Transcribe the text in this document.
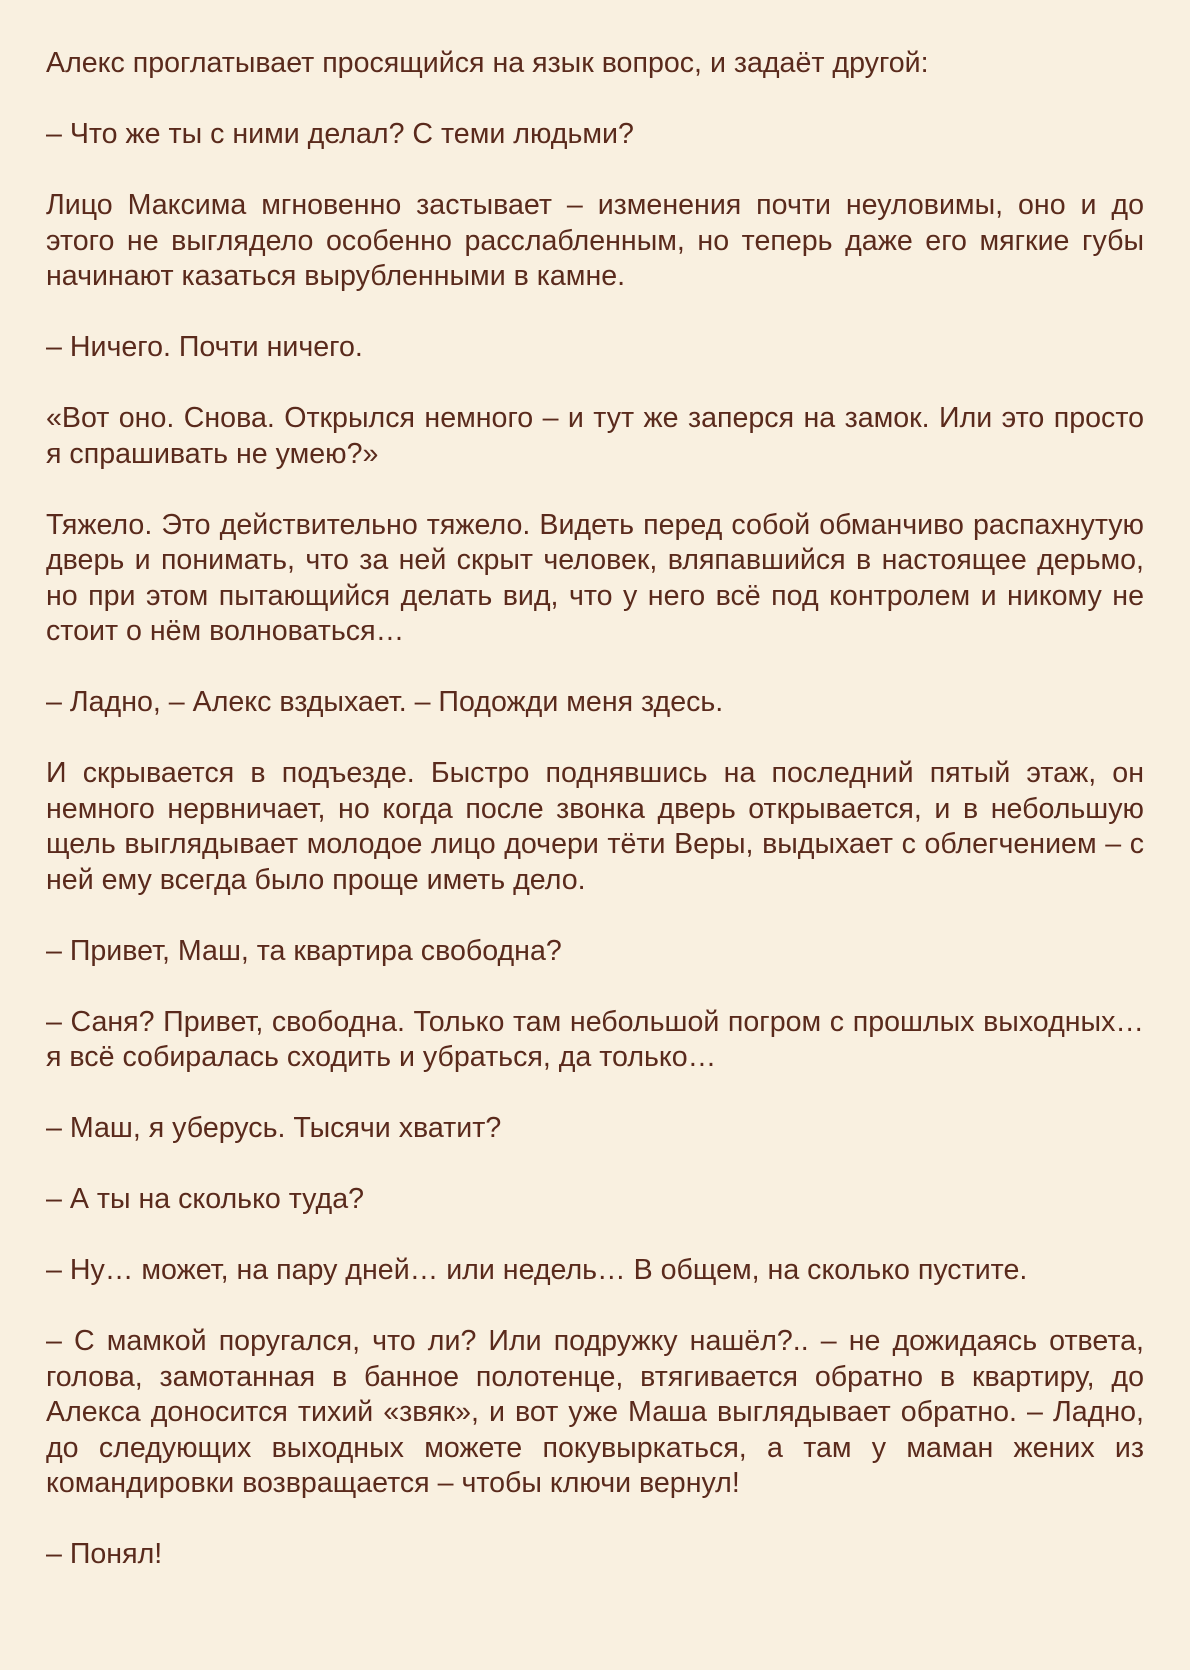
Алекс проглатывает просящийся на язык вопрос, и задаёт другой:

– Что же ты с ними делал? С теми людьми?

Лицо Максима мгновенно застывает – изменения почти неуловимы, оно и до этого не выглядело особенно расслабленным, но теперь даже его мягкие губы начинают казаться вырубленными в камне.

– Ничего. Почти ничего.

«Вот оно. Снова. Открылся немного – и тут же заперся на замок. Или это просто я спрашивать не умею?»

Тяжело. Это действительно тяжело. Видеть перед собой обманчиво распахнутую дверь и понимать, что за ней скрыт человек, вляпавшийся в настоящее дерьмо, но при этом пытающийся делать вид, что у него всё под контролем и никому не стоит о нём волноваться…

– Ладно, – Алекс вздыхает. – Подожди меня здесь.

И скрывается в подъезде. Быстро поднявшись на последний пятый этаж, он немного нервничает, но когда после звонка дверь открывается, и в небольшую щель выглядывает молодое лицо дочери тёти Веры, выдыхает с облегчением – с ней ему всегда было проще иметь дело.

– Привет, Маш, та квартира свободна?

– Саня? Привет, свободна. Только там небольшой погром с прошлых выходных… я всё собиралась сходить и убраться, да только…

– Маш, я уберусь. Тысячи хватит?

– А ты на сколько туда?

– Ну… может, на пару дней… или недель… В общем, на сколько пустите.

– С мамкой поругался, что ли? Или подружку нашёл?.. – не дожидаясь ответа, голова, замотанная в банное полотенце, втягивается обратно в квартиру, до Алекса доносится тихий «звяк», и вот уже Маша выглядывает обратно. – Ладно, до следующих выходных можете покувыркаться, а там у маман жених из командировки возвращается – чтобы ключи вернул!

– Понял!
